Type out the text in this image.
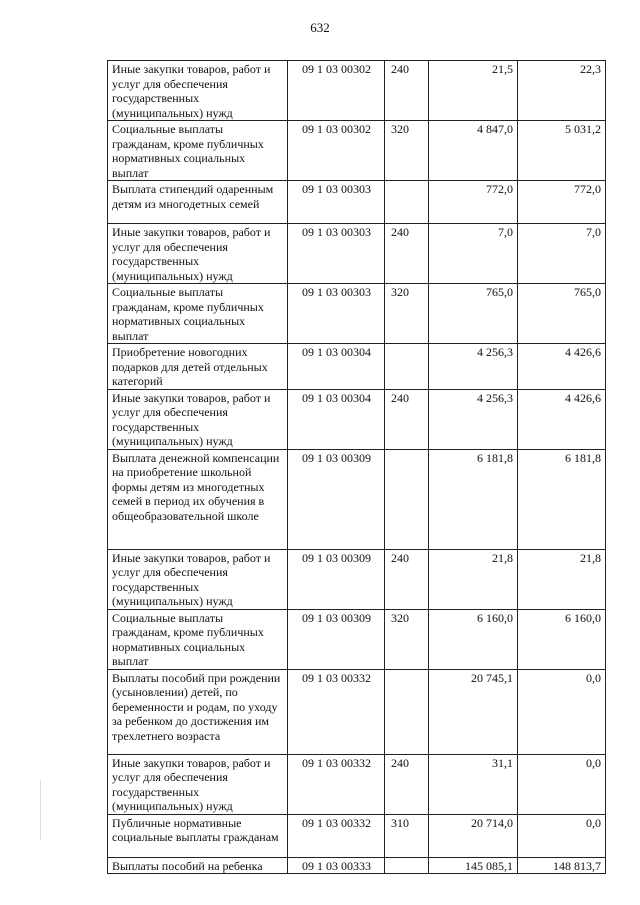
632
Иные закупки товаров, работ и услуг для обеспечения государственных (муниципальных) нужд	09 1 03 00302	240	21,5	22,3
Социальные выплаты гражданам, кроме публичных нормативных социальных выплат	09 1 03 00302	320	4 847,0	5 031,2
Выплата стипендий одаренным детям из многодетных семей	09 1 03 00303		772,0	772,0
Иные закупки товаров, работ и услуг для обеспечения государственных (муниципальных) нужд	09 1 03 00303	240	7,0	7,0
Социальные выплаты гражданам, кроме публичных нормативных социальных выплат	09 1 03 00303	320	765,0	765,0
Приобретение новогодних подарков для детей отдельных категорий	09 1 03 00304		4 256,3	4 426,6
Иные закупки товаров, работ и услуг для обеспечения государственных (муниципальных) нужд	09 1 03 00304	240	4 256,3	4 426,6
Выплата денежной компенсации на приобретение школьной формы детям из многодетных семей в период их обучения в общеобразовательной школе	09 1 03 00309		6 181,8	6 181,8
Иные закупки товаров, работ и услуг для обеспечения государственных (муниципальных) нужд	09 1 03 00309	240	21,8	21,8
Социальные выплаты гражданам, кроме публичных нормативных социальных выплат	09 1 03 00309	320	6 160,0	6 160,0
Выплаты пособий при рождении (усыновлении) детей, по беременности и родам, по уходу за ребенком до достижения им трехлетнего возраста	09 1 03 00332		20 745,1	0,0
Иные закупки товаров, работ и услуг для обеспечения государственных (муниципальных) нужд	09 1 03 00332	240	31,1	0,0
Публичные нормативные социальные выплаты гражданам	09 1 03 00332	310	20 714,0	0,0
Выплаты пособий на ребенка	09 1 03 00333		145 085,1	148 813,7
